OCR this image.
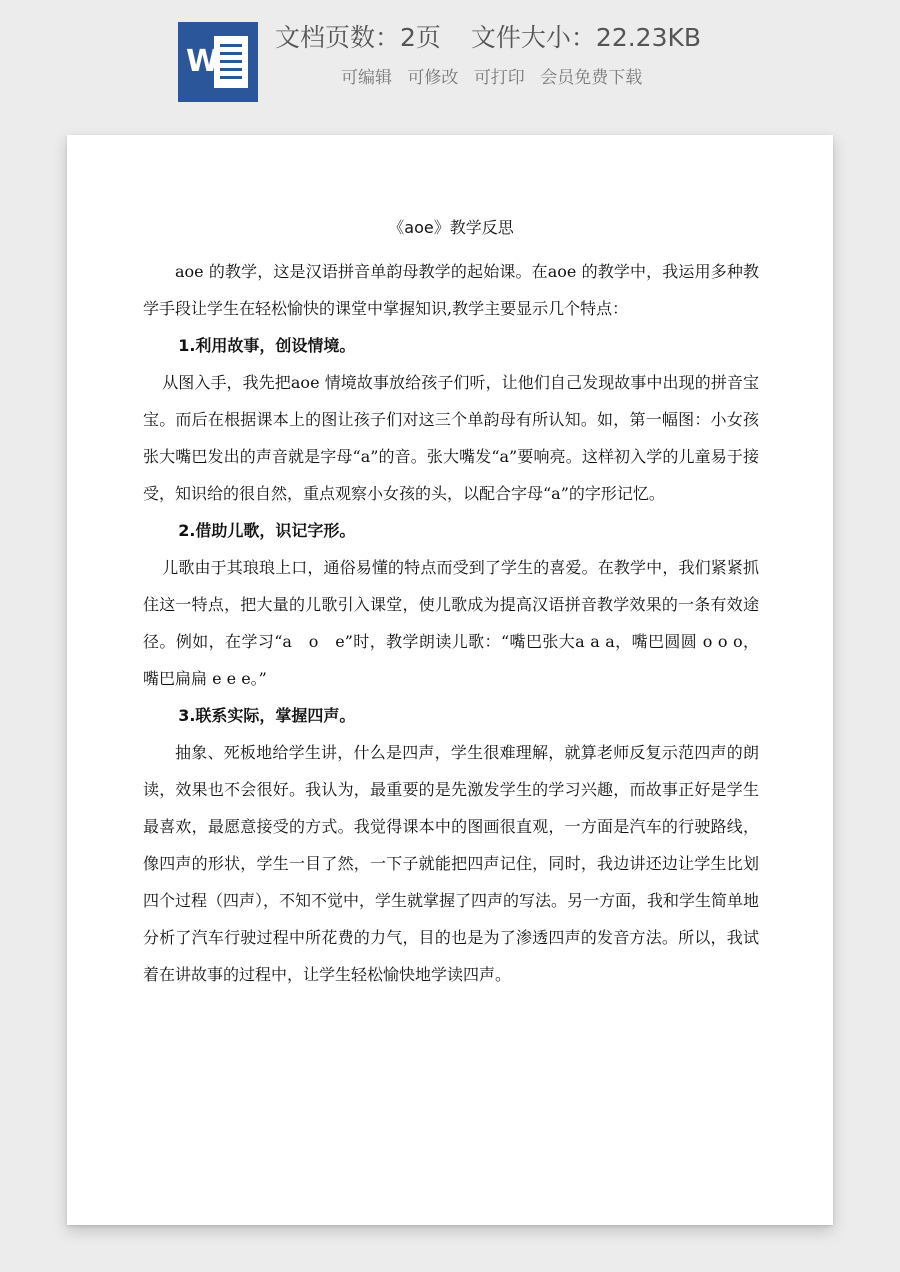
W
文档页数：2页 文件大小：22.23KB
可编辑 可修改 可打印 会员免费下载
《aoe》教学反思

aoe 的教学，这是汉语拼音单韵母教学的起始课。在aoe 的教学中，我运用多种教学手段让学生在轻松愉快的课堂中掌握知识,教学主要显示几个特点：

1.利用故事，创设情境。

从图入手，我先把aoe 情境故事放给孩子们听，让他们自己发现故事中出现的拼音宝宝。而后在根据课本上的图让孩子们对这三个单韵母有所认知。如，第一幅图：小女孩张大嘴巴发出的声音就是字母“a”的音。张大嘴发“a”要响亮。这样初入学的儿童易于接受，知识给的很自然，重点观察小女孩的头，以配合字母“a”的字形记忆。

2.借助儿歌，识记字形。

儿歌由于其琅琅上口，通俗易懂的特点而受到了学生的喜爱。在教学中，我们紧紧抓住这一特点，把大量的儿歌引入课堂，使儿歌成为提高汉语拼音教学效果的一条有效途径。例如，在学习“a　o　e”时，教学朗读儿歌：“嘴巴张大a a a，嘴巴圆圆 o o o，嘴巴扁扁 e e e。”

3.联系实际，掌握四声。

抽象、死板地给学生讲，什么是四声，学生很难理解，就算老师反复示范四声的朗读，效果也不会很好。我认为，最重要的是先激发学生的学习兴趣，而故事正好是学生最喜欢，最愿意接受的方式。我觉得课本中的图画很直观，一方面是汽车的行驶路线，像四声的形状，学生一目了然，一下子就能把四声记住，同时，我边讲还边让学生比划四个过程（四声），不知不觉中，学生就掌握了四声的写法。另一方面，我和学生简单地分析了汽车行驶过程中所花费的力气，目的也是为了渗透四声的发音方法。所以，我试着在讲故事的过程中，让学生轻松愉快地学读四声。
